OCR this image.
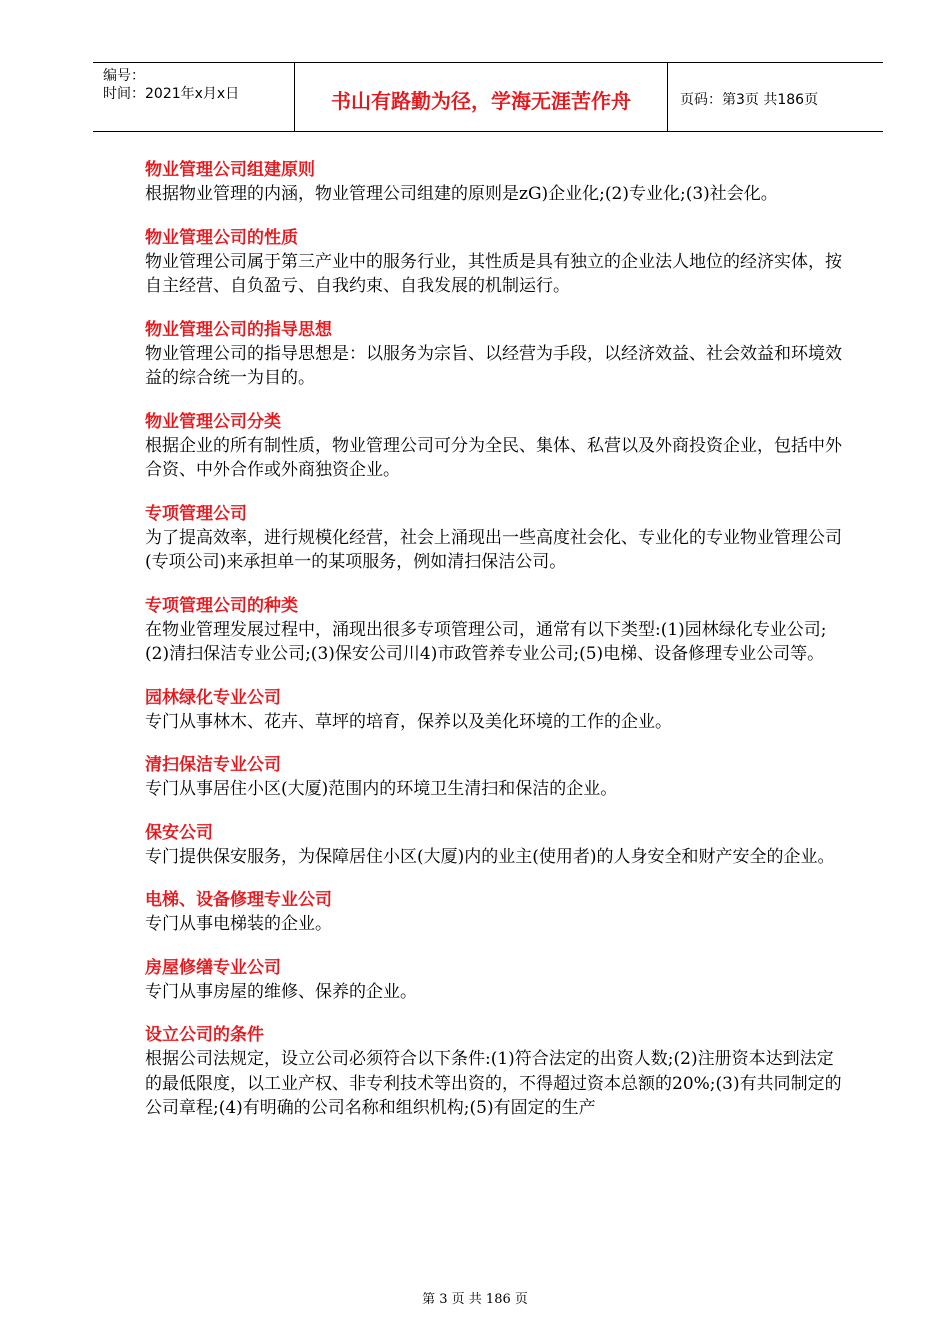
编号：
时间：2021年x月x日	书山有路勤为径，学海无涯苦作舟	页码：第3页 共186页
物业管理公司组建原则
根据物业管理的内涵，物业管理公司组建的原则是zG)企业化;(2)专业化;(3)社会化。
物业管理公司的性质
物业管理公司属于第三产业中的服务行业，其性质是具有独立的企业法人地位的经济实体，按自主经营、自负盈亏、自我约束、自我发展的机制运行。
物业管理公司的指导思想
物业管理公司的指导思想是：以服务为宗旨、以经营为手段，以经济效益、社会效益和环境效益的综合统一为目的。
物业管理公司分类
根据企业的所有制性质，物业管理公司可分为全民、集体、私营以及外商投资企业，包括中外合资、中外合作或外商独资企业。
专项管理公司
为了提高效率，进行规模化经营，社会上涌现出一些高度社会化、专业化的专业物业管理公司(专项公司)来承担单一的某项服务，例如清扫保洁公司。
专项管理公司的种类
在物业管理发展过程中，涌现出很多专项管理公司，通常有以下类型:(1)园林绿化专业公司;(2)清扫保洁专业公司;(3)保安公司川4)市政管养专业公司;(5)电梯、设备修理专业公司等。
园林绿化专业公司
专门从事林木、花卉、草坪的培育，保养以及美化环境的工作的企业。
清扫保洁专业公司
专门从事居住小区(大厦)范围内的环境卫生清扫和保洁的企业。
保安公司
专门提供保安服务，为保障居住小区(大厦)内的业主(使用者)的人身安全和财产安全的企业。
电梯、设备修理专业公司
专门从事电梯装的企业。
房屋修缮专业公司
专门从事房屋的维修、保养的企业。
设立公司的条件
根据公司法规定，设立公司必须符合以下条件:(1)符合法定的出资人数;(2)注册资本达到法定的最低限度，以工业产权、非专利技术等出资的，不得超过资本总额的20%;(3)有共同制定的公司章程;(4)有明确的公司名称和组织机构;(5)有固定的生产
第 3 页 共 186 页
